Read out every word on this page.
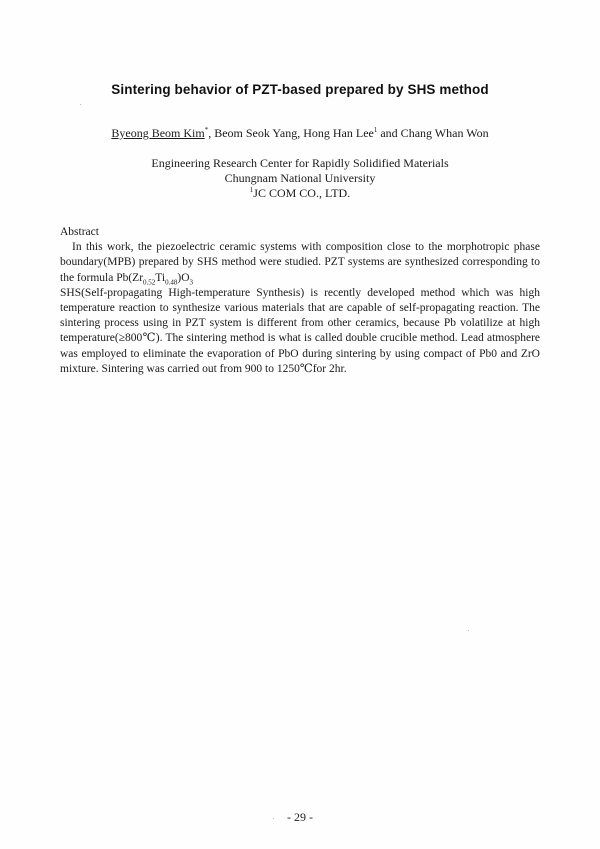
Sintering behavior of PZT-based prepared by SHS method
Byeong Beom Kim*, Beom Seok Yang, Hong Han Lee$^1$ and Chang Whan Won
Engineering Research Center for Rapidly Solidified Materials
Chungnam National University
$^1$JC COM CO., LTD.
Abstract

In this work, the piezoelectric ceramic systems with composition close to the morphotropic phase boundary(MPB) prepared by SHS method were studied. PZT systems are synthesized corresponding to the formula $Pb(Zr_{0.52}Ti_{0.48})O_3$

SHS(Self-propagating High-temperature Synthesis) is recently developed method which was high temperature reaction to synthesize various materials that are capable of self-propagating reaction. The sintering process using in PZT system is different from other ceramics, because Pb volatilize at high temperature(≥800℃). The sintering method is what is called double crucible method. Lead atmosphere was employed to eliminate the evaporation of PbO during sintering by using compact of Pb0 and ZrO mixture. Sintering was carried out from 900 to 1250℃for 2hr.

- 29 -
